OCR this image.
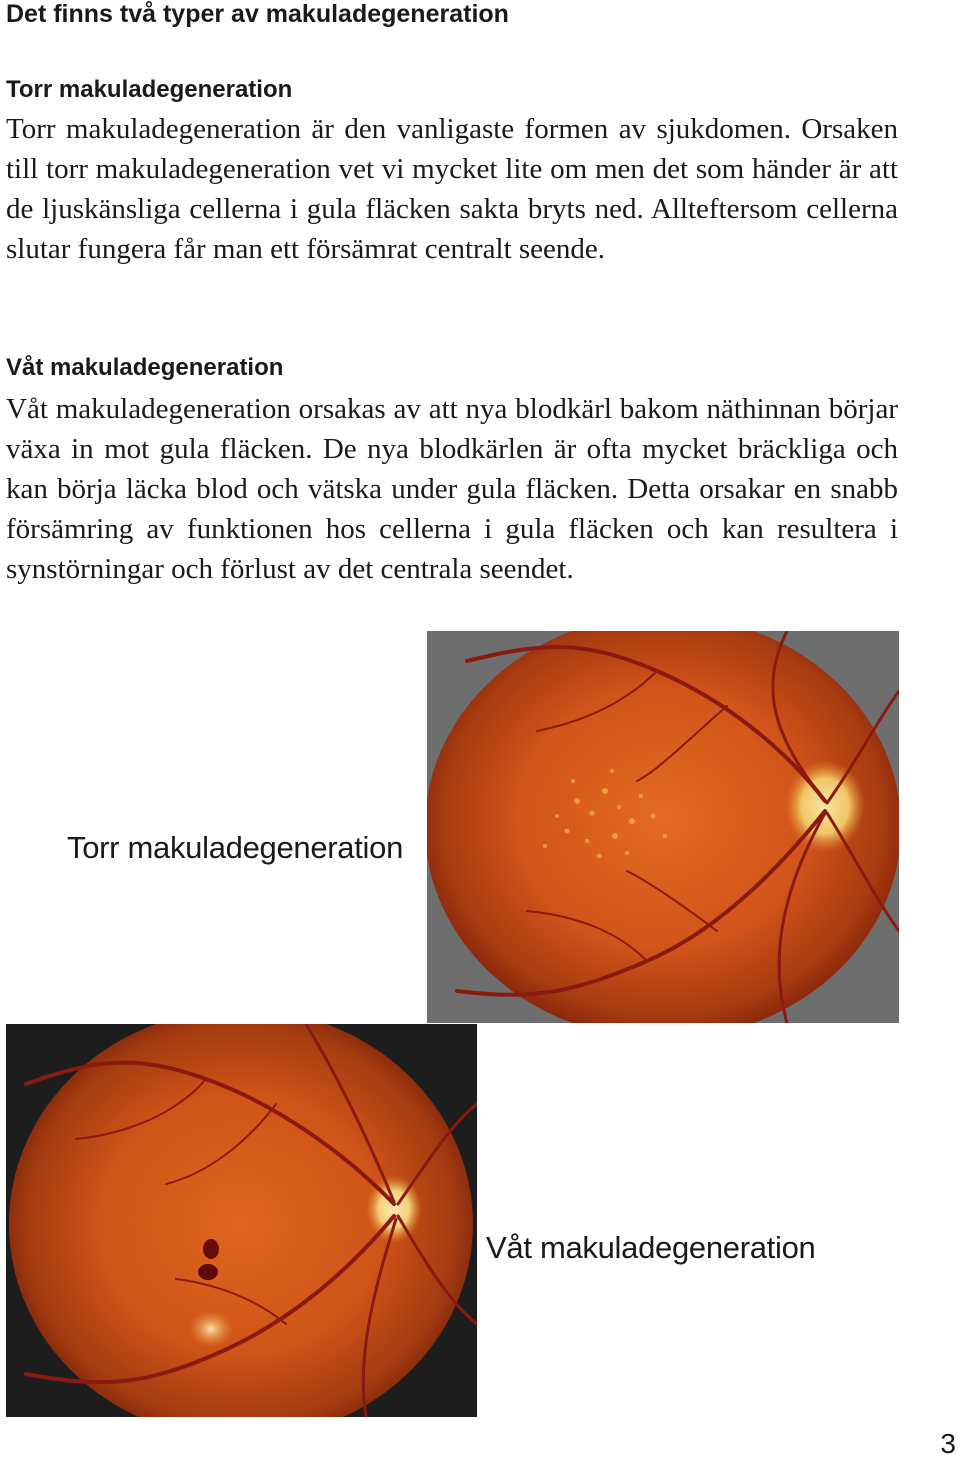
Det finns två typer av makuladegeneration
Torr makuladegeneration

Torr makuladegeneration är den vanligaste formen av sjukdomen. Orsaken till torr makuladegeneration vet vi mycket lite om men det som händer är att de ljuskänsliga cellerna i gula fläcken sakta bryts ned. Allteftersom cellerna slutar fungera får man ett försämrat centralt seende.

Våt makuladegeneration

Våt makuladegeneration orsakas av att nya blodkärl bakom näthinnan börjar växa in mot gula fläcken. De nya blodkärlen är ofta mycket bräckliga och kan börja läcka blod och vätska under gula fläcken. Detta orsakar en snabb försämring av funktionen hos cellerna i gula fläcken och kan resultera i synstörningar och förlust av det centrala seendet.

Torr makuladegeneration

Våt makuladegeneration

3
